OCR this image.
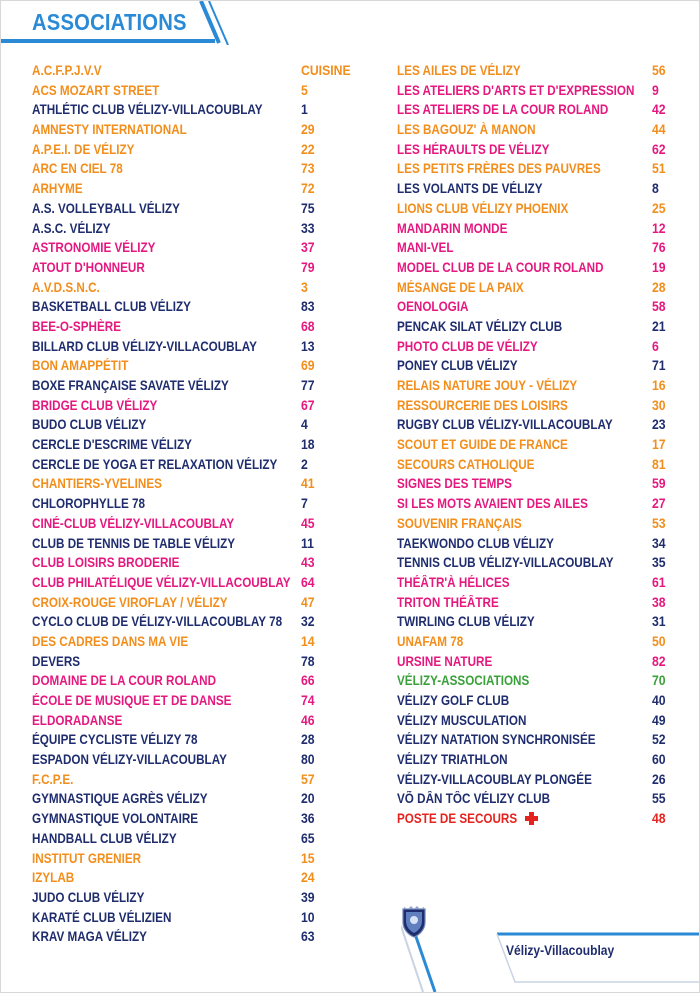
ASSOCIATIONS
A.C.F.P.J.V.V	CUISINE
ACS MOZART STREET	5
ATHLÉTIC CLUB VÉLIZY-VILLACOUBLAY	1
AMNESTY INTERNATIONAL	29
A.P.E.I. DE VÉLIZY	22
ARC EN CIEL 78	73
ARHYME	72
A.S. VOLLEYBALL VÉLIZY	75
A.S.C. VÉLIZY	33
ASTRONOMIE VÉLIZY	37
ATOUT D'HONNEUR	79
A.V.D.S.N.C.	3
BASKETBALL CLUB VÉLIZY	83
BEE-O-SPHÈRE	68
BILLARD CLUB VÉLIZY-VILLACOUBLAY	13
BON AMAPPÉTIT	69
BOXE FRANÇAISE SAVATE VÉLIZY	77
BRIDGE CLUB VÉLIZY	67
BUDO CLUB VÉLIZY	4
CERCLE D'ESCRIME VÉLIZY	18
CERCLE DE YOGA ET RELAXATION VÉLIZY 2
CHANTIERS-YVELINES	41
CHLOROPHYLLE 78	7
CINÉ-CLUB VÉLIZY-VILLACOUBLAY	45
CLUB DE TENNIS DE TABLE VÉLIZY	11
CLUB LOISIRS BRODERIE	43
CLUB PHILATÉLIQUE VÉLIZY-VILLACOUBLAY 64
CROIX-ROUGE VIROFLAY / VÉLIZY	47
CYCLO CLUB DE VÉLIZY-VILLACOUBLAY 78 32
DES CADRES DANS MA VIE	14
DEVERS	78
DOMAINE DE LA COUR ROLAND	66
ÉCOLE DE MUSIQUE ET DE DANSE	74
ELDORADANSE	46
ÉQUIPE CYCLISTE VÉLIZY 78	28
ESPADON VÉLIZY-VILLACOUBLAY	80
F.C.P.E.	57
GYMNASTIQUE AGRÈS VÉLIZY	20
GYMNASTIQUE VOLONTAIRE	36
HANDBALL CLUB VÉLIZY	65
INSTITUT GRENIER	15
IZYLAB	24
JUDO CLUB VÉLIZY	39
KARATÉ CLUB VÉLIZIEN	10
KRAV MAGA VÉLIZY	63
LES AILES DE VÉLIZY	56
LES ATELIERS D'ARTS ET D'EXPRESSION 9
LES ATELIERS DE LA COUR ROLAND	42
LES BAGOUZ' À MANON	44
LES HÉRAULTS DE VÉLIZY	62
LES PETITS FRÈRES DES PAUVRES	51
LES VOLANTS DE VÉLIZY	8
LIONS CLUB VÉLIZY PHOENIX	25
MANDARIN MONDE	12
MANI-VEL	76
MODEL CLUB DE LA COUR ROLAND	19
MÉSANGE DE LA PAIX	28
OENOLOGIA	58
PENCAK SILAT VÉLIZY CLUB	21
PHOTO CLUB DE VÉLIZY	6
PONEY CLUB VÉLIZY	71
RELAIS NATURE JOUY - VÉLIZY	16
RESSOURCERIE DES LOISIRS	30
RUGBY CLUB VÉLIZY-VILLACOUBLAY	23
SCOUT ET GUIDE DE FRANCE	17
SECOURS CATHOLIQUE	81
SIGNES DES TEMPS	59
SI LES MOTS AVAIENT DES AILES	27
SOUVENIR FRANÇAIS	53
TAEKWONDO CLUB VÉLIZY	34
TENNIS CLUB VÉLIZY-VILLACOUBLAY	35
THÉÂTR'À HÉLICES	61
TRITON THÉÂTRE	38
TWIRLING CLUB VÉLIZY	31
UNAFAM 78	50
URSINE NATURE	82
VÉLIZY-ASSOCIATIONS	70
VÉLIZY GOLF CLUB	40
VÉLIZY MUSCULATION	49
VÉLIZY NATATION SYNCHRONISÉE	52
VÉLIZY TRIATHLON	60
VÉLIZY-VILLACOUBLAY PLONGÉE	26
VÕ DÂN TÔC VÉLIZY CLUB	55
POSTE DE SECOURS	48
Vélizy-Villacoublay
